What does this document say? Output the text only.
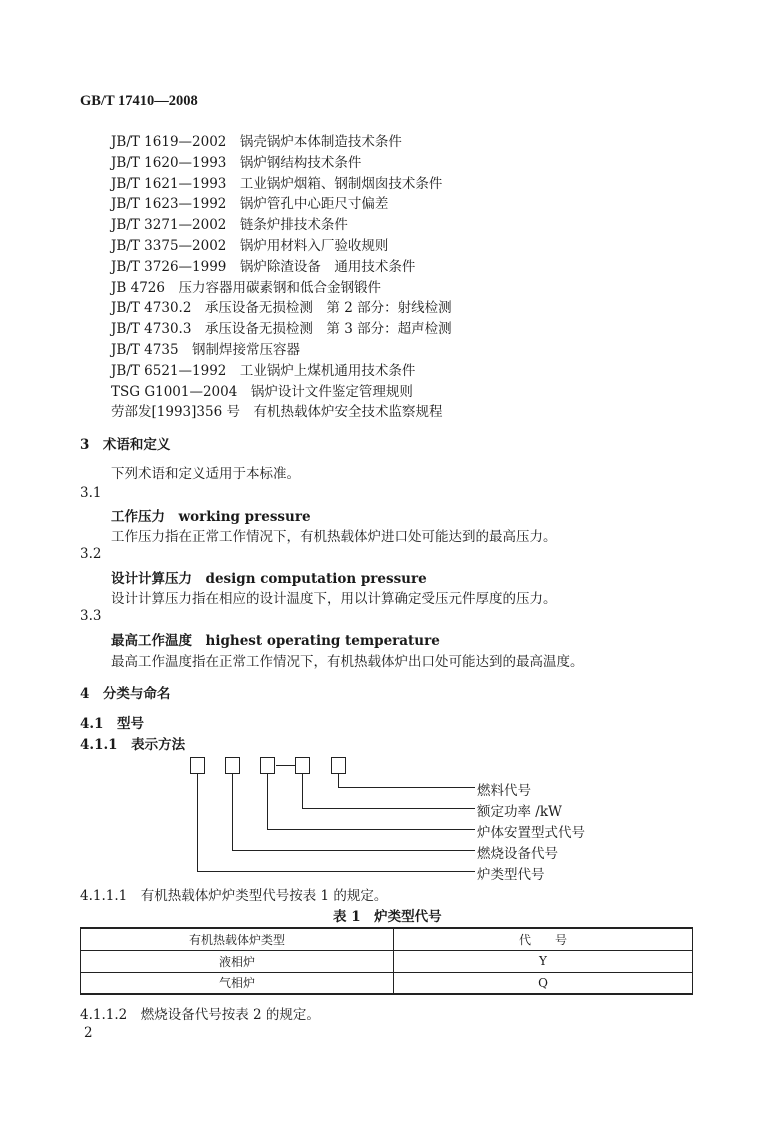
GB/T 17410—2008
JB/T 1619—2002　锅壳锅炉本体制造技术条件
JB/T 1620—1993　锅炉钢结构技术条件
JB/T 1621—1993　工业锅炉烟箱、钢制烟囱技术条件
JB/T 1623—1992　锅炉管孔中心距尺寸偏差
JB/T 3271—2002　链条炉排技术条件
JB/T 3375—2002　锅炉用材料入厂验收规则
JB/T 3726—1999　锅炉除渣设备　通用技术条件
JB 4726　压力容器用碳素钢和低合金钢锻件
JB/T 4730.2　承压设备无损检测　第 2 部分：射线检测
JB/T 4730.3　承压设备无损检测　第 3 部分：超声检测
JB/T 4735　钢制焊接常压容器
JB/T 6521—1992　工业锅炉上煤机通用技术条件
TSG G1001—2004　锅炉设计文件鉴定管理规则
劳部发[1993]356 号　有机热载体炉安全技术监察规程
3　术语和定义
下列术语和定义适用于本标准。
3.1
工作压力　working pressure
工作压力指在正常工作情况下，有机热载体炉进口处可能达到的最高压力。
3.2
设计计算压力　design computation pressure
设计计算压力指在相应的设计温度下，用以计算确定受压元件厚度的压力。
3.3
最高工作温度　highest operating temperature
最高工作温度指在正常工作情况下，有机热载体炉出口处可能达到的最高温度。
4　分类与命名
4.1　型号
4.1.1　表示方法
燃料代号
额定功率 /kW
炉体安置型式代号
燃烧设备代号
炉类型代号
4.1.1.1　有机热载体炉炉类型代号按表 1 的规定。
表 1　炉类型代号
有机热载体炉类型	代　　号
液相炉	Y
气相炉	Q
4.1.1.2　燃烧设备代号按表 2 的规定。
2
